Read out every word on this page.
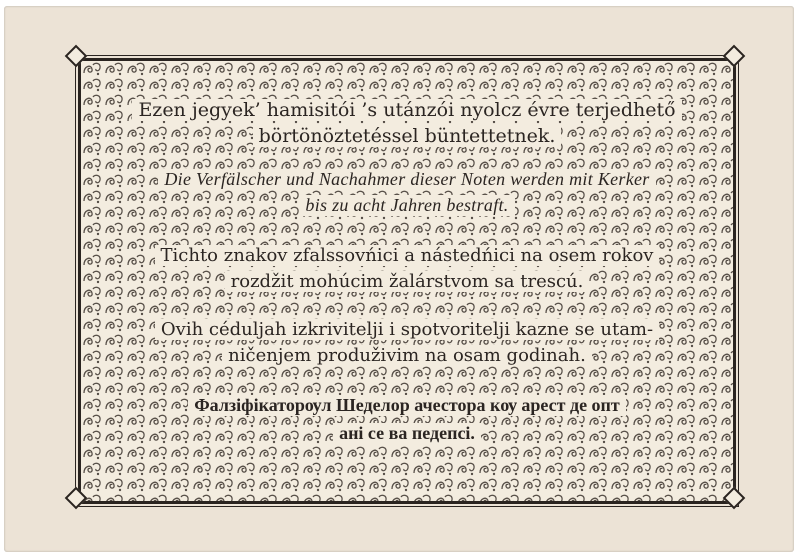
Ezen jegyek’ hamisitói ’s utánzói nyolcz évre terjedhető
börtönöztetéssel büntettetnek.
Die Verfälscher und Nachahmer dieser Noten werden mit Kerker
bis zu acht Jahren bestraft.
Tichto znakov zfalssovńici a nástedńici na osem rokov
rozdžit mohúcim žalárstvom sa trescú.
Ovih céduljah izkrivitelji i spotvoritelji kazne se utam-
ničenjem produživim na osam godinah.
Фалзіфікаторѹл Шеделор ачестора кѹ арест де опт
ані се ва педепсі.
